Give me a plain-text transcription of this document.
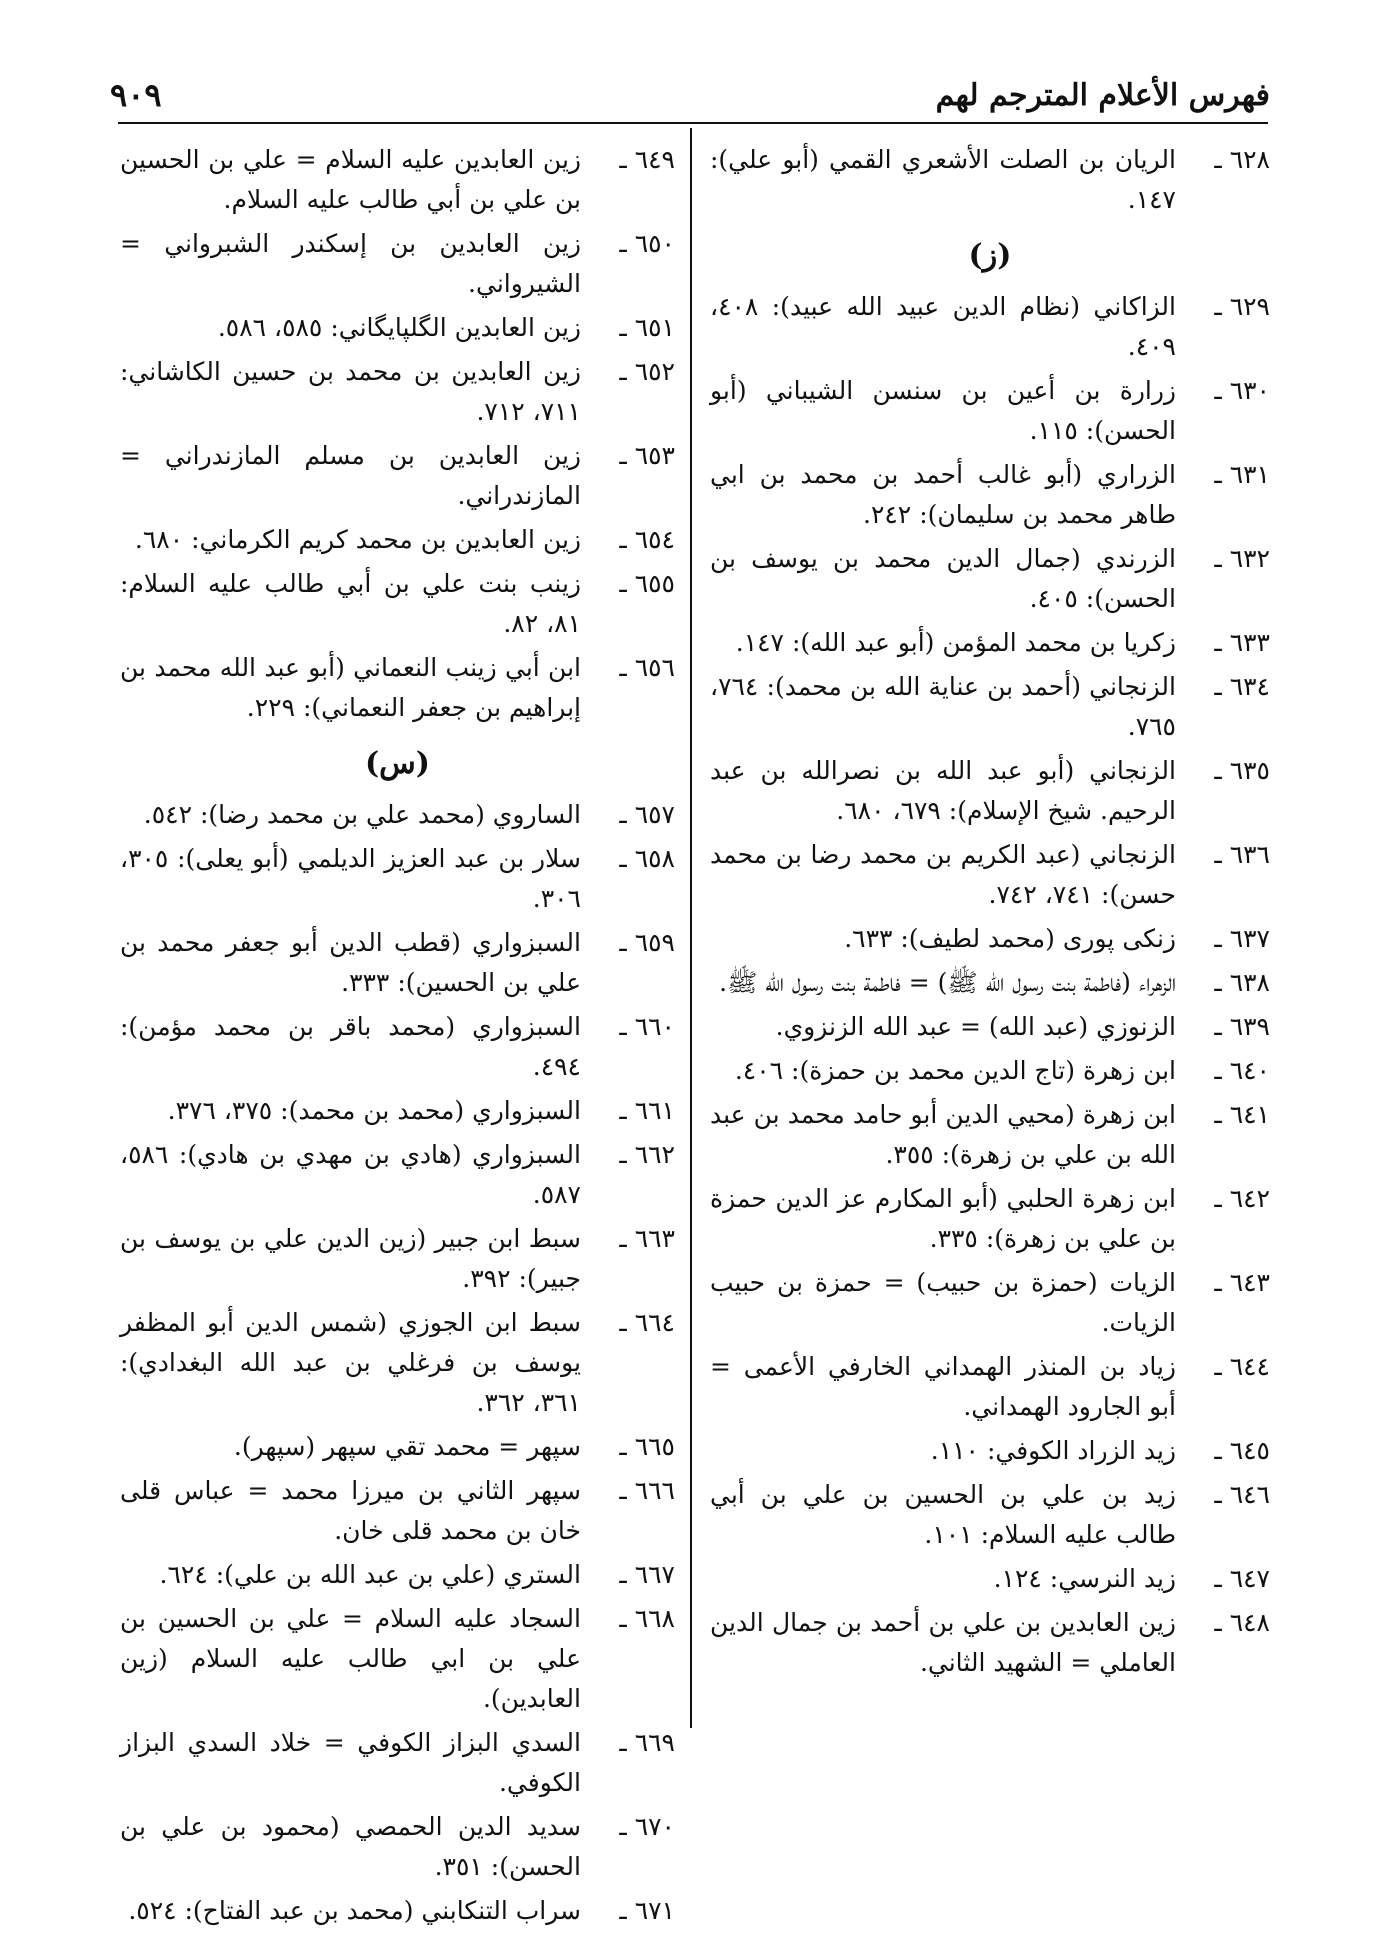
فهرس الأعلام المترجم لهم
٩٠٩
٦٢٨ ـ
الريان بن الصلت الأشعري القمي (أبو علي): ١٤٧.
(ز)
٦٢٩ ـ
الزاكاني (نظام الدين عبيد الله عبيد): ٤٠٨، ٤٠٩.
٦٣٠ ـ
زرارة بن أعين بن سنسن الشيباني (أبو الحسن): ١١٥.
٦٣١ ـ
الزراري (أبو غالب أحمد بن محمد بن ابي طاهر محمد بن سليمان): ٢٤٢.
٦٣٢ ـ
الزرندي (جمال الدين محمد بن يوسف بن الحسن): ٤٠٥.
٦٣٣ ـ
زكريا بن محمد المؤمن (أبو عبد الله): ١٤٧.
٦٣٤ ـ
الزنجاني (أحمد بن عناية الله بن محمد): ٧٦٤، ٧٦٥.
٦٣٥ ـ
الزنجاني (أبو عبد الله بن نصرالله بن عبد الرحيم. شيخ الإسلام): ٦٧٩، ٦٨٠.
٦٣٦ ـ
الزنجاني (عبد الكريم بن محمد رضا بن محمد حسن): ٧٤١، ٧٤٢.
٦٣٧ ـ
زنكى پورى (محمد لطيف): ٦٣٣.
٦٣٨ ـ
الزهراء (فاطمة بنت رسول الله ﷺ) = فاطمة بنت رسول الله ﷺ.
٦٣٩ ـ
الزنوزي (عبد الله) = عبد الله الزنزوي.
٦٤٠ ـ
ابن زهرة (تاج الدين محمد بن حمزة): ٤٠٦.
٦٤١ ـ
ابن زهرة (محيي الدين أبو حامد محمد بن عبد الله بن علي بن زهرة): ٣٥٥.
٦٤٢ ـ
ابن زهرة الحلبي (أبو المكارم عز الدين حمزة بن علي بن زهرة): ٣٣٥.
٦٤٣ ـ
الزيات (حمزة بن حبيب) = حمزة بن حبيب الزيات.
٦٤٤ ـ
زياد بن المنذر الهمداني الخارفي الأعمى = أبو الجارود الهمداني.
٦٤٥ ـ
زيد الزراد الكوفي: ١١٠.
٦٤٦ ـ
زيد بن علي بن الحسين بن علي بن أبي طالب عليه السلام: ١٠١.
٦٤٧ ـ
زيد النرسي: ١٢٤.
٦٤٨ ـ
زين العابدين بن علي بن أحمد بن جمال الدين العاملي = الشهيد الثاني.
٦٤٩ ـ
زين العابدين عليه السلام = علي بن الحسين بن علي بن أبي طالب عليه السلام.
٦٥٠ ـ
زين العابدين بن إسكندر الشبرواني = الشيرواني.
٦٥١ ـ
زين العابدين الگلپايگاني: ٥٨٥، ٥٨٦.
٦٥٢ ـ
زين العابدين بن محمد بن حسين الكاشاني: ٧١١، ٧١٢.
٦٥٣ ـ
زين العابدين بن مسلم المازندراني = المازندراني.
٦٥٤ ـ
زين العابدين بن محمد كريم الكرماني: ٦٨٠.
٦٥٥ ـ
زينب بنت علي بن أبي طالب عليه السلام: ٨١، ٨٢.
٦٥٦ ـ
ابن أبي زينب النعماني (أبو عبد الله محمد بن إبراهيم بن جعفر النعماني): ٢٢٩.
(س)
٦٥٧ ـ
الساروي (محمد علي بن محمد رضا): ٥٤٢.
٦٥٨ ـ
سلار بن عبد العزيز الديلمي (أبو يعلى): ٣٠٥، ٣٠٦.
٦٥٩ ـ
السبزواري (قطب الدين أبو جعفر محمد بن علي بن الحسين): ٣٣٣.
٦٦٠ ـ
السبزواري (محمد باقر بن محمد مؤمن): ٤٩٤.
٦٦١ ـ
السبزواري (محمد بن محمد): ٣٧٥، ٣٧٦.
٦٦٢ ـ
السبزواري (هادي بن مهدي بن هادي): ٥٨٦، ٥٨٧.
٦٦٣ ـ
سبط ابن جبير (زين الدين علي بن يوسف بن جبير): ٣٩٢.
٦٦٤ ـ
سبط ابن الجوزي (شمس الدين أبو المظفر يوسف بن فرغلي بن عبد الله البغدادي): ٣٦١، ٣٦٢.
٦٦٥ ـ
سپهر = محمد تقي سپهر (سپهر).
٦٦٦ ـ
سپهر الثاني بن ميرزا محمد = عباس قلى خان بن محمد قلى خان.
٦٦٧ ـ
الستري (علي بن عبد الله بن علي): ٦٢٤.
٦٦٨ ـ
السجاد عليه السلام = علي بن الحسين بن علي بن ابي طالب عليه السلام (زين العابدين).
٦٦٩ ـ
السدي البزاز الكوفي = خلاد السدي البزاز الكوفي.
٦٧٠ ـ
سديد الدين الحمصي (محمود بن علي بن الحسن): ٣٥١.
٦٧١ ـ
سراب التنكابني (محمد بن عبد الفتاح): ٥٢٤.
